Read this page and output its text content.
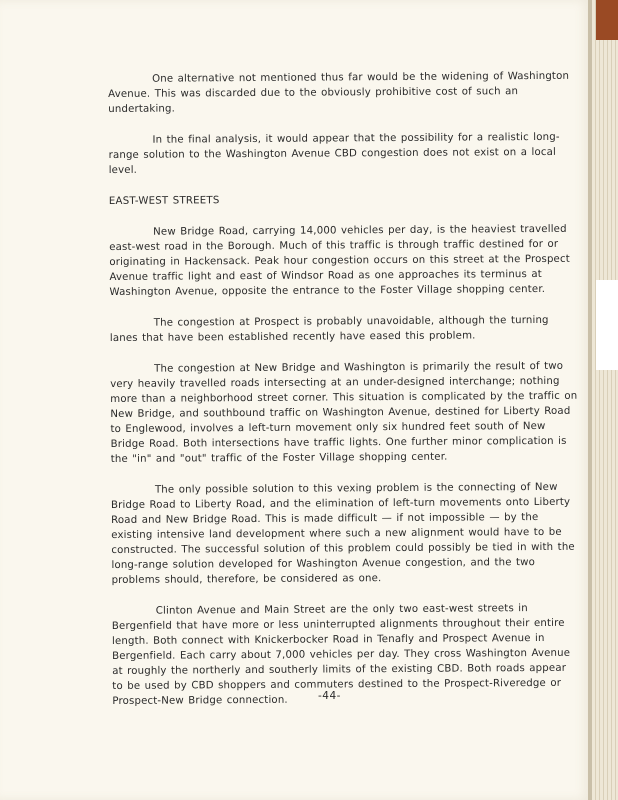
One alternative not mentioned thus far would be the widening of Washington Avenue. This was discarded due to the obviously prohibitive cost of such an undertaking.

In the final analysis, it would appear that the possibility for a realistic long-range solution to the Washington Avenue CBD congestion does not exist on a local level.

EAST-WEST STREETS

New Bridge Road, carrying 14,000 vehicles per day, is the heaviest travelled east-west road in the Borough. Much of this traffic is through traffic destined for or originating in Hackensack. Peak hour congestion occurs on this street at the Prospect Avenue traffic light and east of Windsor Road as one approaches its terminus at Washington Avenue, opposite the entrance to the Foster Village shopping center.

The congestion at Prospect is probably unavoidable, although the turning lanes that have been established recently have eased this problem.

The congestion at New Bridge and Washington is primarily the result of two very heavily travelled roads intersecting at an under-designed interchange; nothing more than a neighborhood street corner. This situation is complicated by the traffic on New Bridge, and southbound traffic on Washington Avenue, destined for Liberty Road to Englewood, involves a left-turn movement only six hundred feet south of New Bridge Road. Both intersections have traffic lights. One further minor complication is the "in" and "out" traffic of the Foster Village shopping center.

The only possible solution to this vexing problem is the connecting of New Bridge Road to Liberty Road, and the elimination of left-turn movements onto Liberty Road and New Bridge Road. This is made difficult — if not impossible — by the existing intensive land development where such a new alignment would have to be constructed. The successful solution of this problem could possibly be tied in with the long-range solution developed for Washington Avenue congestion, and the two problems should, therefore, be considered as one.

Clinton Avenue and Main Street are the only two east-west streets in Bergenfield that have more or less uninterrupted alignments throughout their entire length. Both connect with Knickerbocker Road in Tenafly and Prospect Avenue in Bergenfield. Each carry about 7,000 vehicles per day. They cross Washington Avenue at roughly the northerly and southerly limits of the existing CBD. Both roads appear to be used by CBD shoppers and commuters destined to the Prospect-Riveredge or Prospect-New Bridge connection.	-44-
